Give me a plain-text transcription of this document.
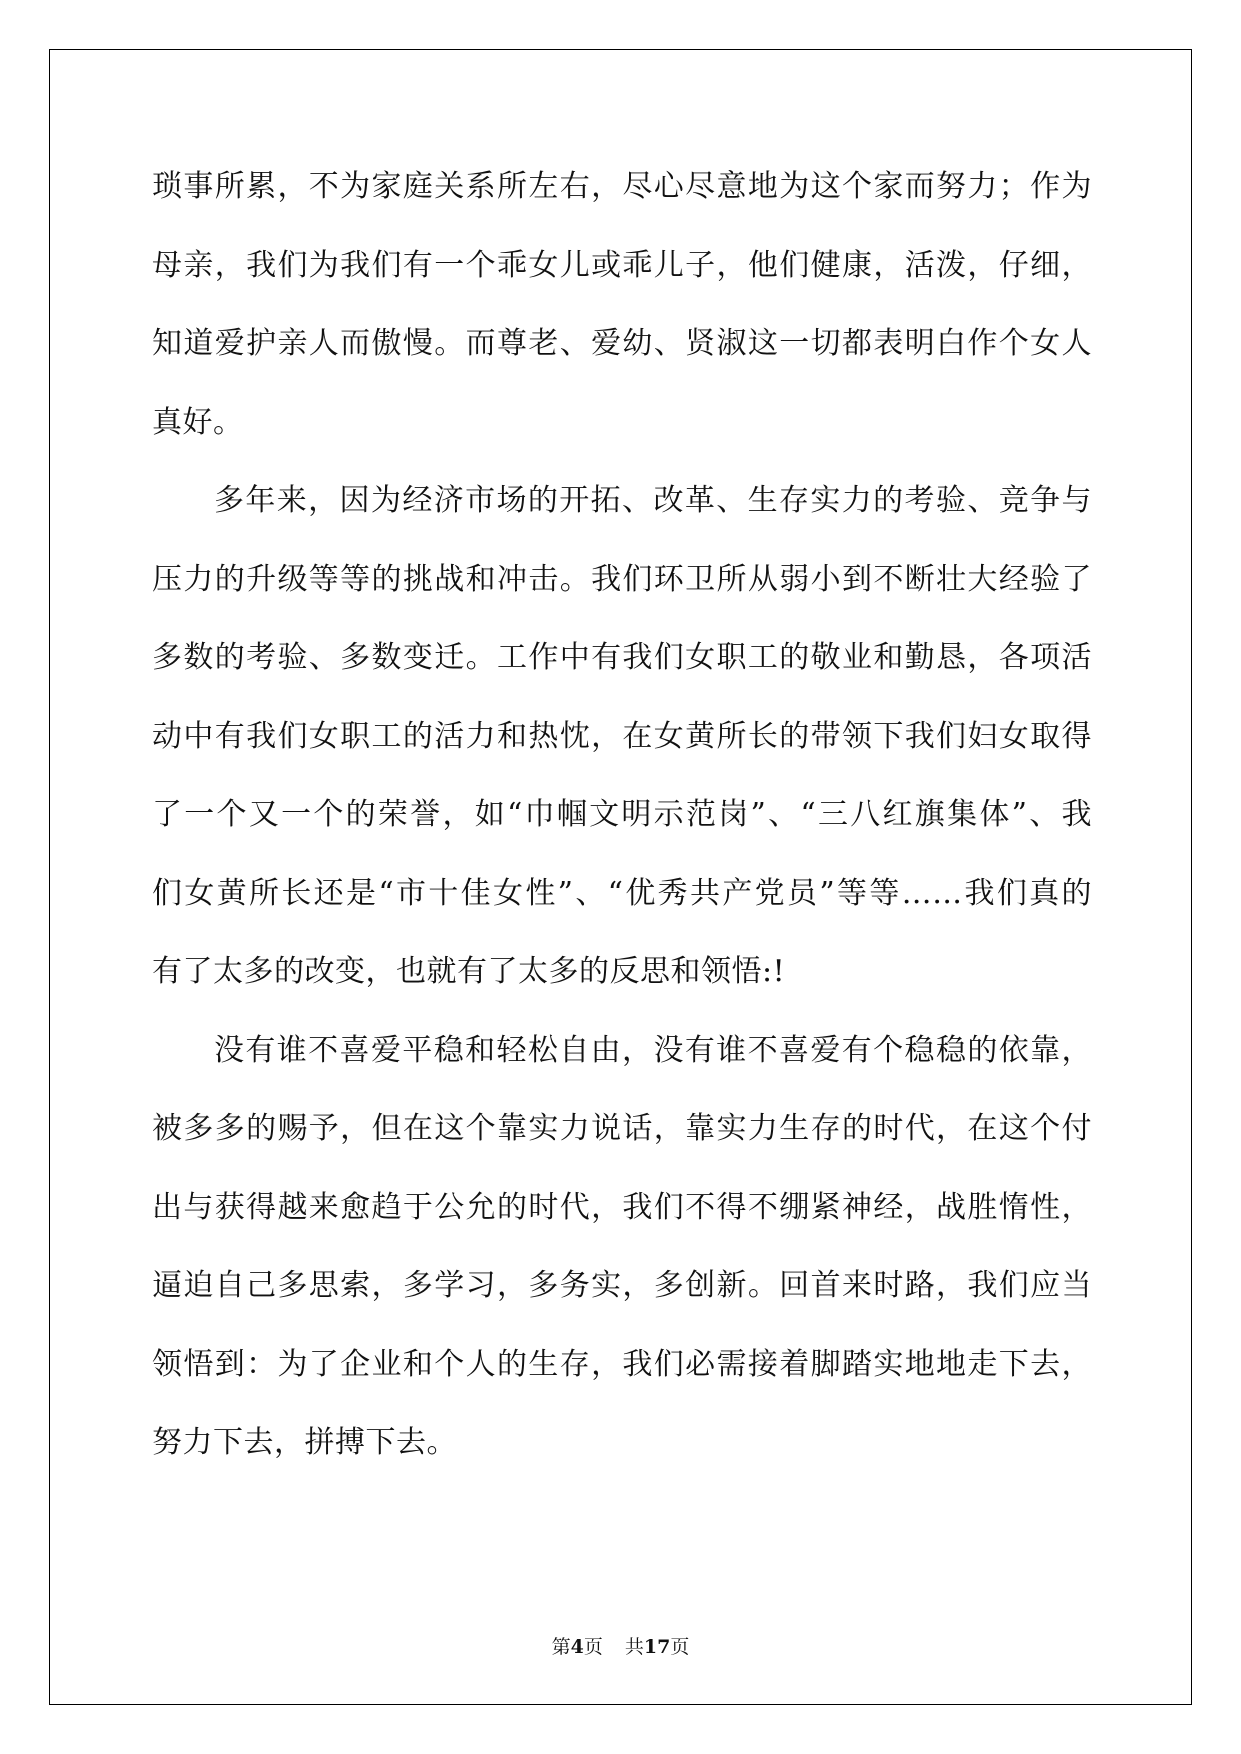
琐事所累，不为家庭关系所左右，尽心尽意地为这个家而努力；作为
母亲，我们为我们有一个乖女儿或乖儿子，他们健康，活泼，仔细，
知道爱护亲人而傲慢。而尊老、爱幼、贤淑这一切都表明白作个女人
真好。
多年来，因为经济市场的开拓、改革、生存实力的考验、竞争与
压力的升级等等的挑战和冲击。我们环卫所从弱小到不断壮大经验了
多数的考验、多数变迁。工作中有我们女职工的敬业和勤恳，各项活
动中有我们女职工的活力和热忱，在女黄所长的带领下我们妇女取得
了一个又一个的荣誉，如“巾帼文明示范岗”、“三八红旗集体”、我
们女黄所长还是“市十佳女性”、“优秀共产党员”等等……我们真的
有了太多的改变，也就有了太多的反思和领悟:!
没有谁不喜爱平稳和轻松自由，没有谁不喜爱有个稳稳的依靠，
被多多的赐予，但在这个靠实力说话，靠实力生存的时代，在这个付
出与获得越来愈趋于公允的时代，我们不得不绷紧神经，战胜惰性，
逼迫自己多思索，多学习，多务实，多创新。回首来时路，我们应当
领悟到：为了企业和个人的生存，我们必需接着脚踏实地地走下去，
努力下去，拼搏下去。
第4页 共17页
